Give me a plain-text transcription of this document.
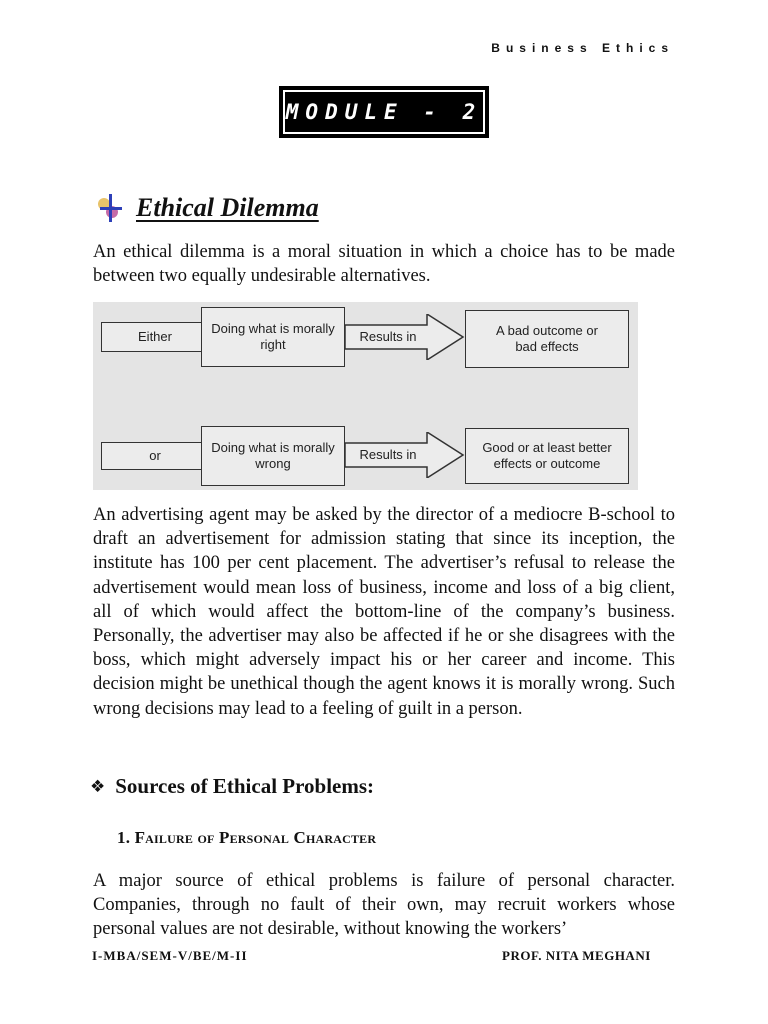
Business Ethics
MODULE - 2
Ethical Dilemma

An ethical dilemma is a moral situation in which a choice has to be made between two equally undesirable alternatives.

Either
Doing what is morally right
Results in	A bad outcome or bad effects
or
Doing what is morally wrong
Results in	Good or at least better effects or outcome

An advertising agent may be asked by the director of a mediocre B-school to draft an advertisement for admission stating that since its inception, the institute has 100 per cent placement. The advertiser’s refusal to release the advertisement would mean loss of business, income and loss of a big client, all of which would affect the bottom-line of the company’s business. Personally, the advertiser may also be affected if he or she disagrees with the boss, which might adversely impact his or her career and income. This decision might be unethical though the agent knows it is morally wrong. Such wrong decisions may lead to a feeling of guilt in a person.

❖ Sources of Ethical Problems:
1. Failure of Personal Character

A major source of ethical problems is failure of personal character. Companies, through no fault of their own, may recruit workers whose personal values are not desirable, without knowing the workers’

I-MBA/SEM-V/BE/M-II	PROF. NITA MEGHANI
